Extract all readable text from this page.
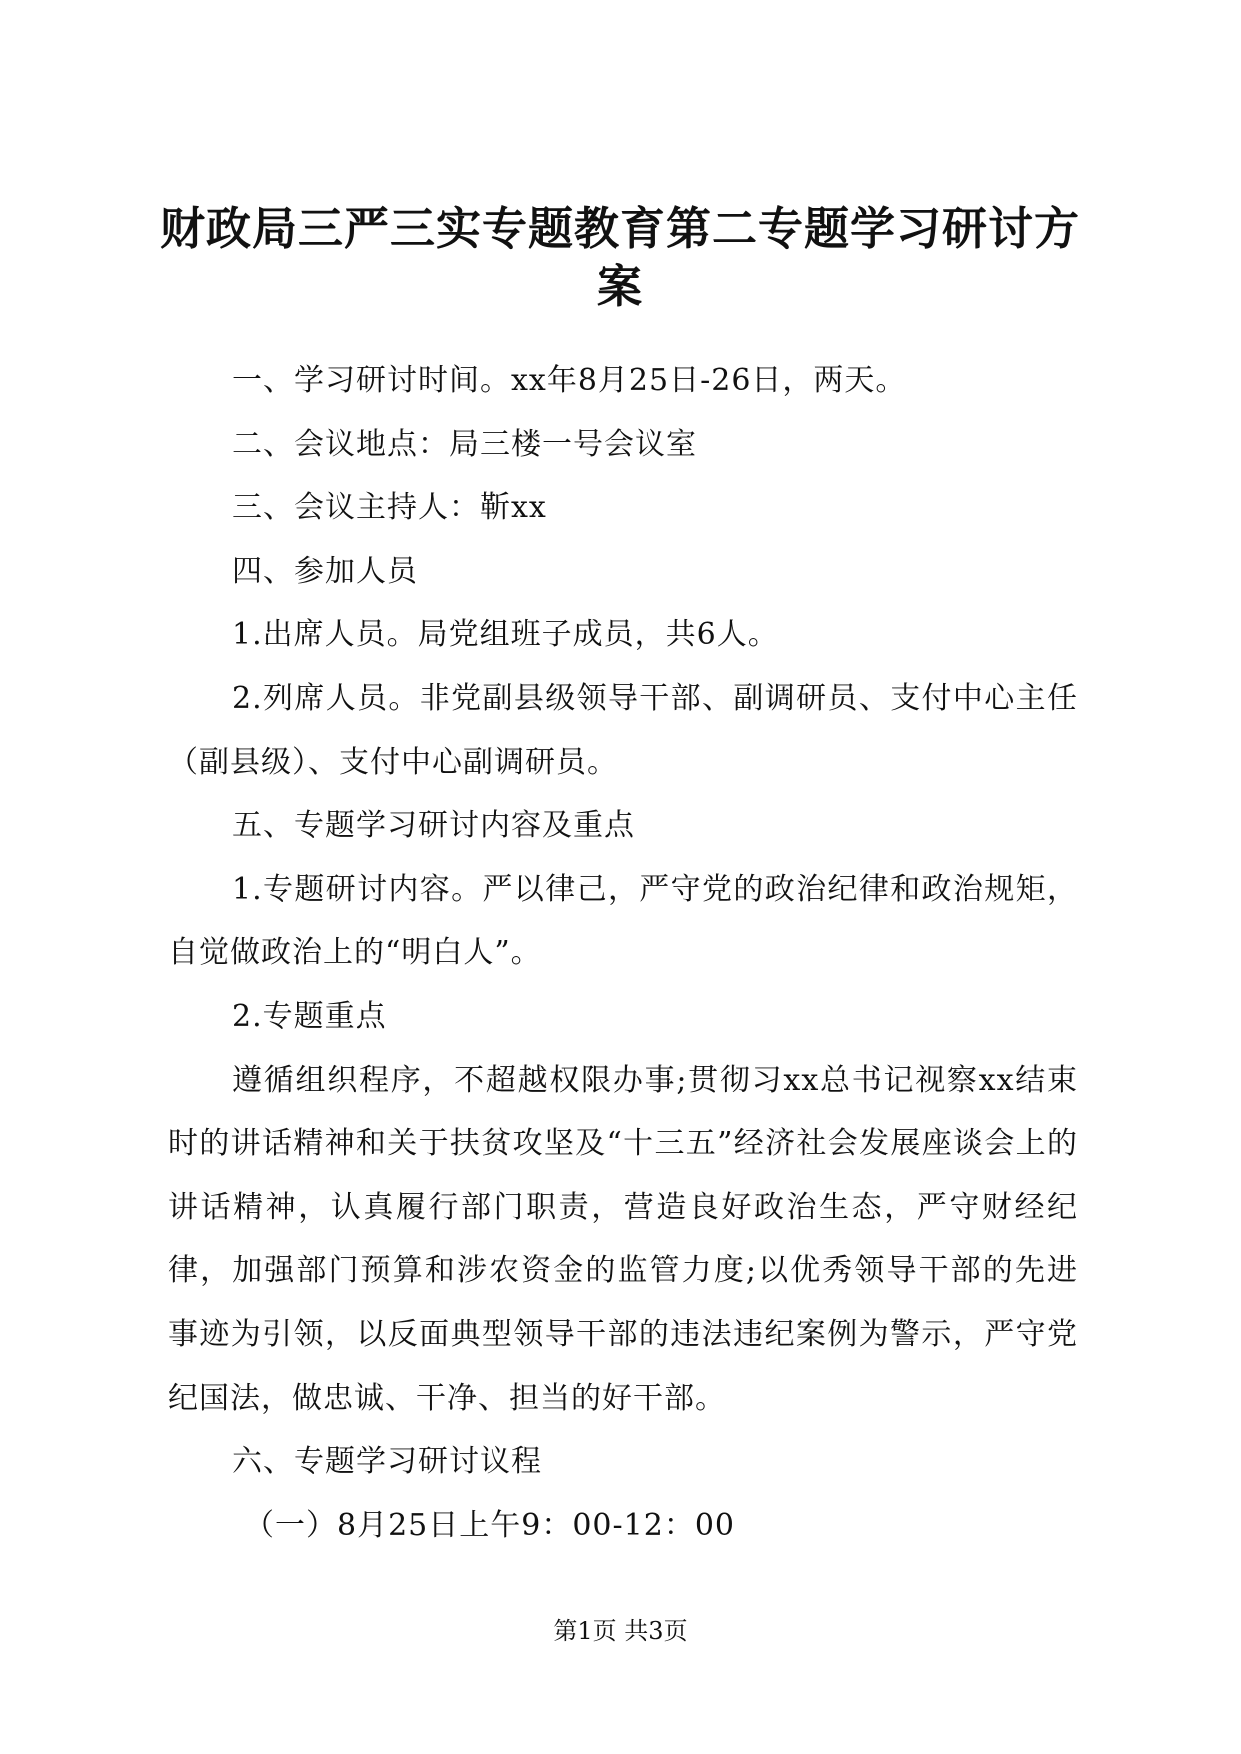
财政局三严三实专题教育第二专题学习研讨方案

一、学习研讨时间。xx年8月25日-26日，两天。

二、会议地点：局三楼一号会议室

三、会议主持人：靳xx

四、参加人员

1.出席人员。局党组班子成员，共6人。

2.列席人员。非党副县级领导干部、副调研员、支付中心主任（副县级）、支付中心副调研员。

五、专题学习研讨内容及重点

1.专题研讨内容。严以律己，严守党的政治纪律和政治规矩，自觉做政治上的“明白人”。

2.专题重点

遵循组织程序，不超越权限办事;贯彻习xx总书记视察xx结束时的讲话精神和关于扶贫攻坚及“十三五”经济社会发展座谈会上的讲话精神，认真履行部门职责，营造良好政治生态，严守财经纪律，加强部门预算和涉农资金的监管力度;以优秀领导干部的先进事迹为引领，以反面典型领导干部的违法违纪案例为警示，严守党纪国法，做忠诚、干净、担当的好干部。

六、专题学习研讨议程

（一）8月25日上午9：00-12：00

第1页 共3页
